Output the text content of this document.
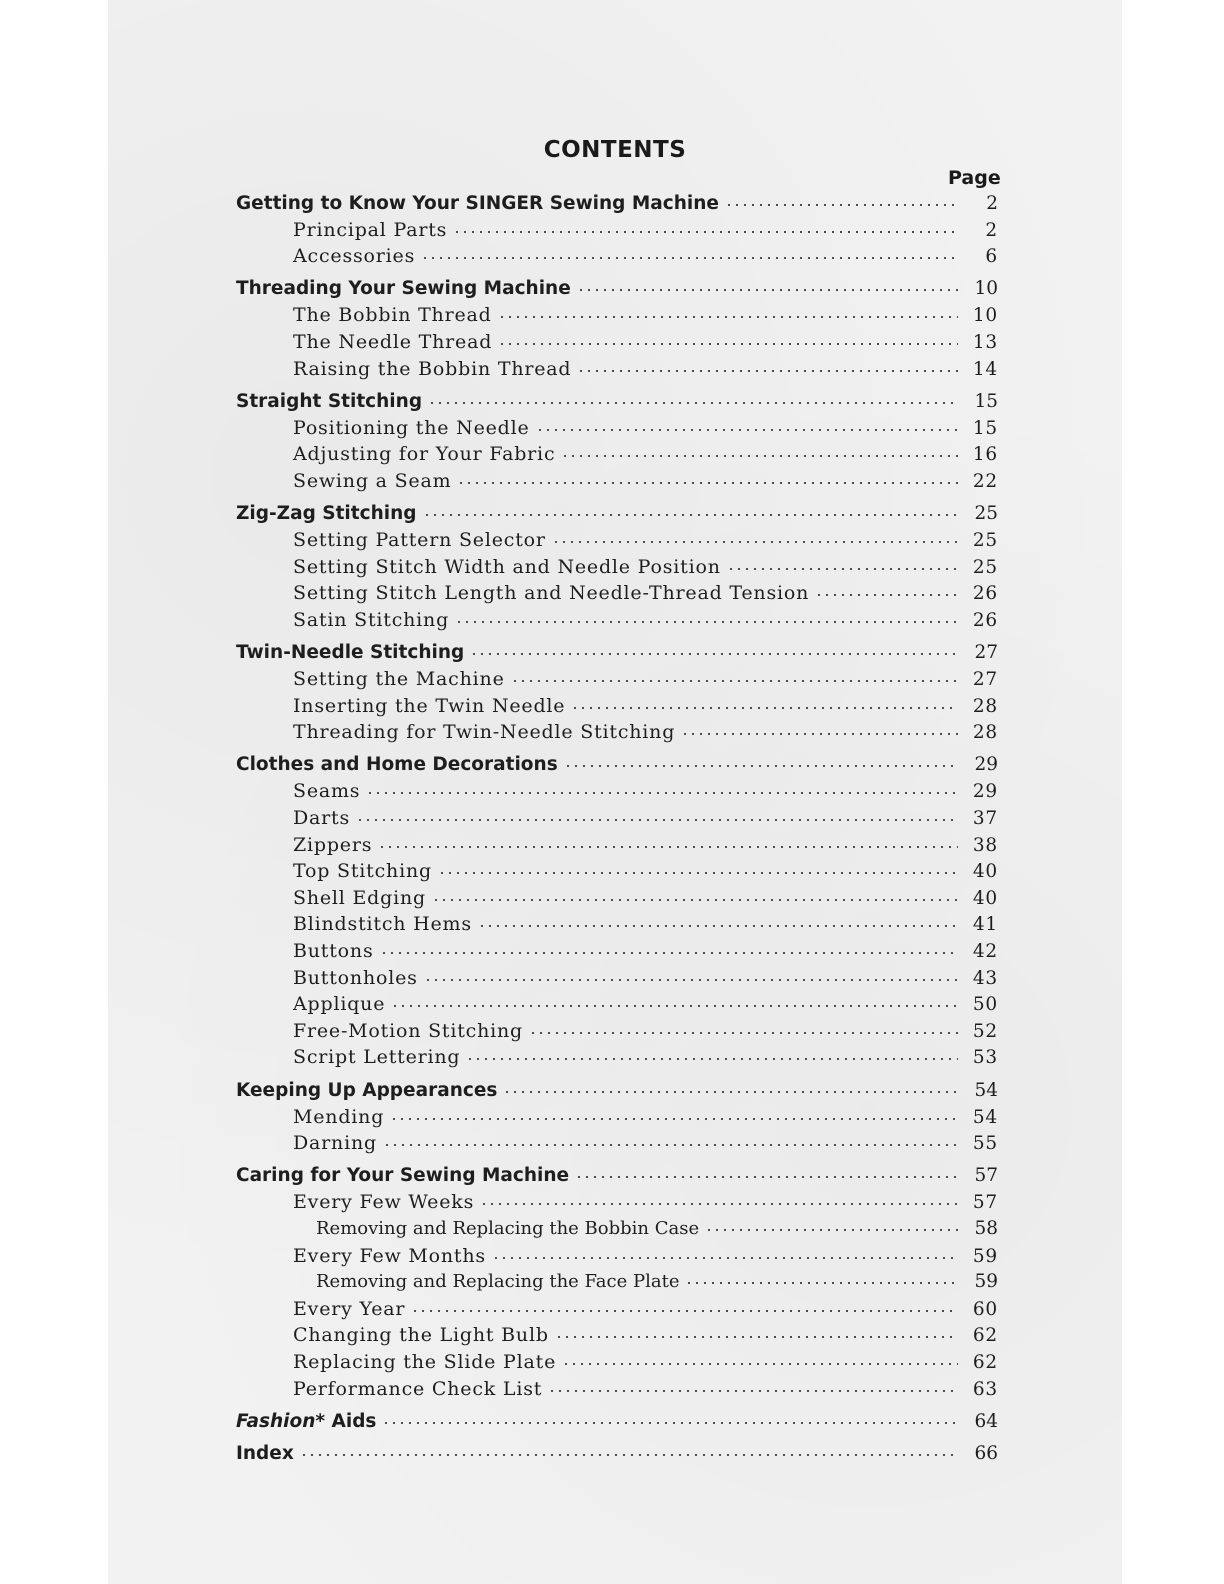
CONTENTS
Page
Getting to Know Your SINGER Sewing Machine	2
Principal Parts	2
Accessories	6
Threading Your Sewing Machine	10
The Bobbin Thread	10
The Needle Thread	13
Raising the Bobbin Thread	14
Straight Stitching	15
Positioning the Needle	15
Adjusting for Your Fabric	16
Sewing a Seam	22
Zig-Zag Stitching	25
Setting Pattern Selector	25
Setting Stitch Width and Needle Position	25
Setting Stitch Length and Needle-Thread Tension	26
Satin Stitching	26
Twin-Needle Stitching	27
Setting the Machine	27
Inserting the Twin Needle	28
Threading for Twin-Needle Stitching	28
Clothes and Home Decorations	29
Seams	29
Darts	37
Zippers	38
Top Stitching	40
Shell Edging	40
Blindstitch Hems	41
Buttons	42
Buttonholes	43
Applique	50
Free-Motion Stitching	52
Script Lettering	53
Keeping Up Appearances	54
Mending	54
Darning	55
Caring for Your Sewing Machine	57
Every Few Weeks	57
Removing and Replacing the Bobbin Case	58
Every Few Months	59
Removing and Replacing the Face Plate	59
Every Year	60
Changing the Light Bulb	62
Replacing the Slide Plate	62
Performance Check List	63
Fashion* Aids	64
Index	66
